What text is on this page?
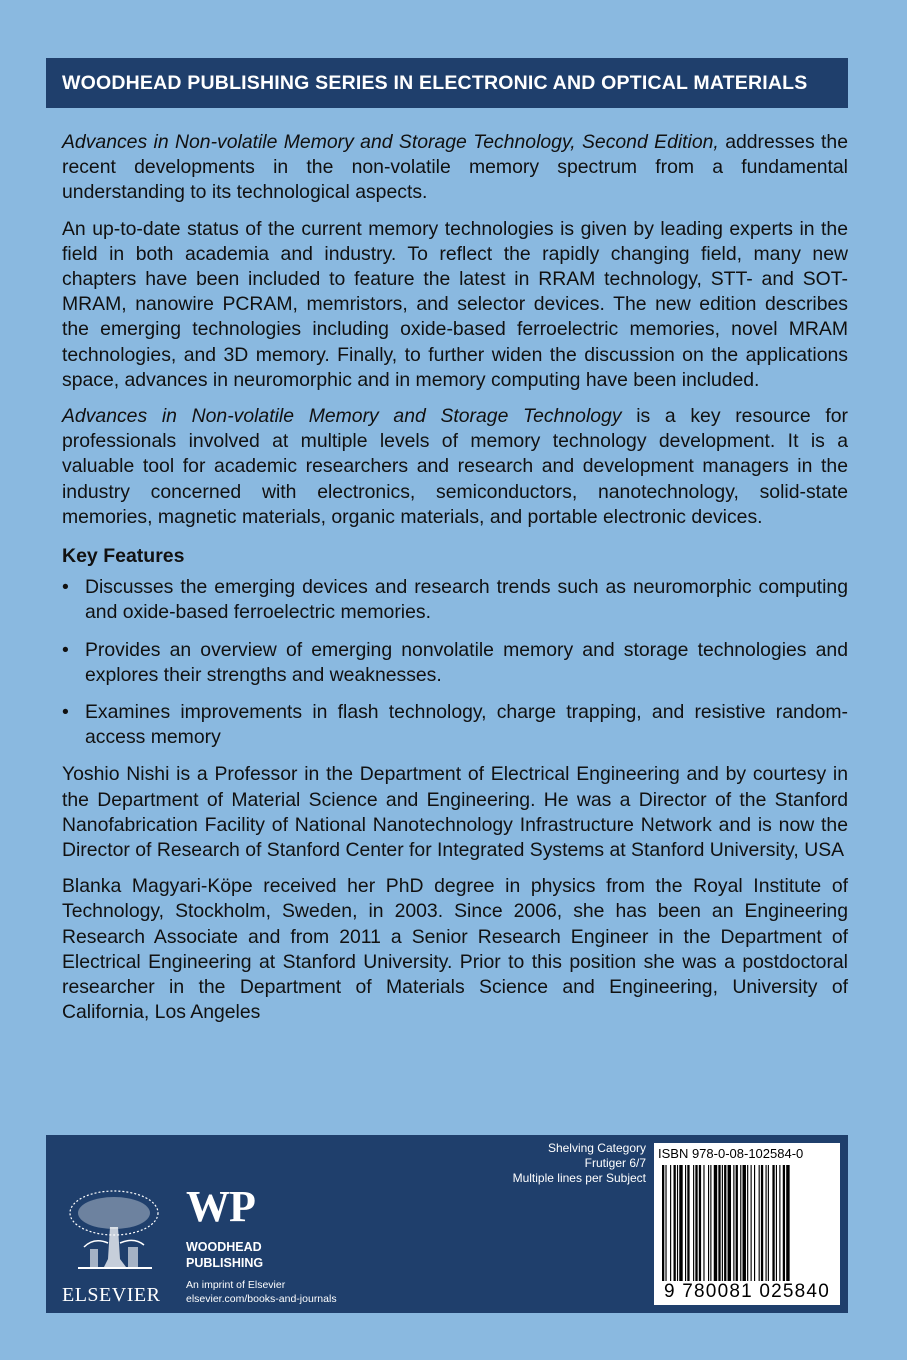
WOODHEAD PUBLISHING SERIES IN ELECTRONIC AND OPTICAL MATERIALS

Advances in Non-volatile Memory and Storage Technology, Second Edition, addresses the recent developments in the non-volatile memory spectrum from a fundamental understanding to its technological aspects.

An up-to-date status of the current memory technologies is given by leading experts in the field in both academia and industry. To reflect the rapidly changing field, many new chapters have been included to feature the latest in RRAM technology, STT- and SOT-MRAM, nanowire PCRAM, memristors, and selector devices. The new edition describes the emerging technologies including oxide-based ferroelectric memories, novel MRAM technologies, and 3D memory. Finally, to further widen the discussion on the applications space, advances in neuromorphic and in memory computing have been included.

Advances in Non-volatile Memory and Storage Technology is a key resource for professionals involved at multiple levels of memory technology development. It is a valuable tool for academic researchers and research and development managers in the industry concerned with electronics, semiconductors, nanotechnology, solid-state memories, magnetic materials, organic materials, and portable electronic devices.

Key Features
• Discusses the emerging devices and research trends such as neuromorphic computing and oxide-based ferroelectric memories.
• Provides an overview of emerging nonvolatile memory and storage technologies and explores their strengths and weaknesses.
• Examines improvements in flash technology, charge trapping, and resistive random-access memory

Yoshio Nishi is a Professor in the Department of Electrical Engineering and by courtesy in the Department of Material Science and Engineering. He was a Director of the Stanford Nanofabrication Facility of National Nanotechnology Infrastructure Network and is now the Director of Research of Stanford Center for Integrated Systems at Stanford University, USA

Blanka Magyari-Köpe received her PhD degree in physics from the Royal Institute of Technology, Stockholm, Sweden, in 2003. Since 2006, she has been an Engineering Research Associate and from 2011 a Senior Research Engineer in the Department of Electrical Engineering at Stanford University. Prior to this position she was a postdoctoral researcher in the Department of Materials Science and Engineering, University of California, Los Angeles

ELSEVIER
WP
WOODHEAD
PUBLISHING
An imprint of Elsevier
elsevier.com/books-and-journals
Shelving Category
Frutiger 6/7
Multiple lines per Subject
ISBN 978-0-08-102584-0
9 780081 025840
